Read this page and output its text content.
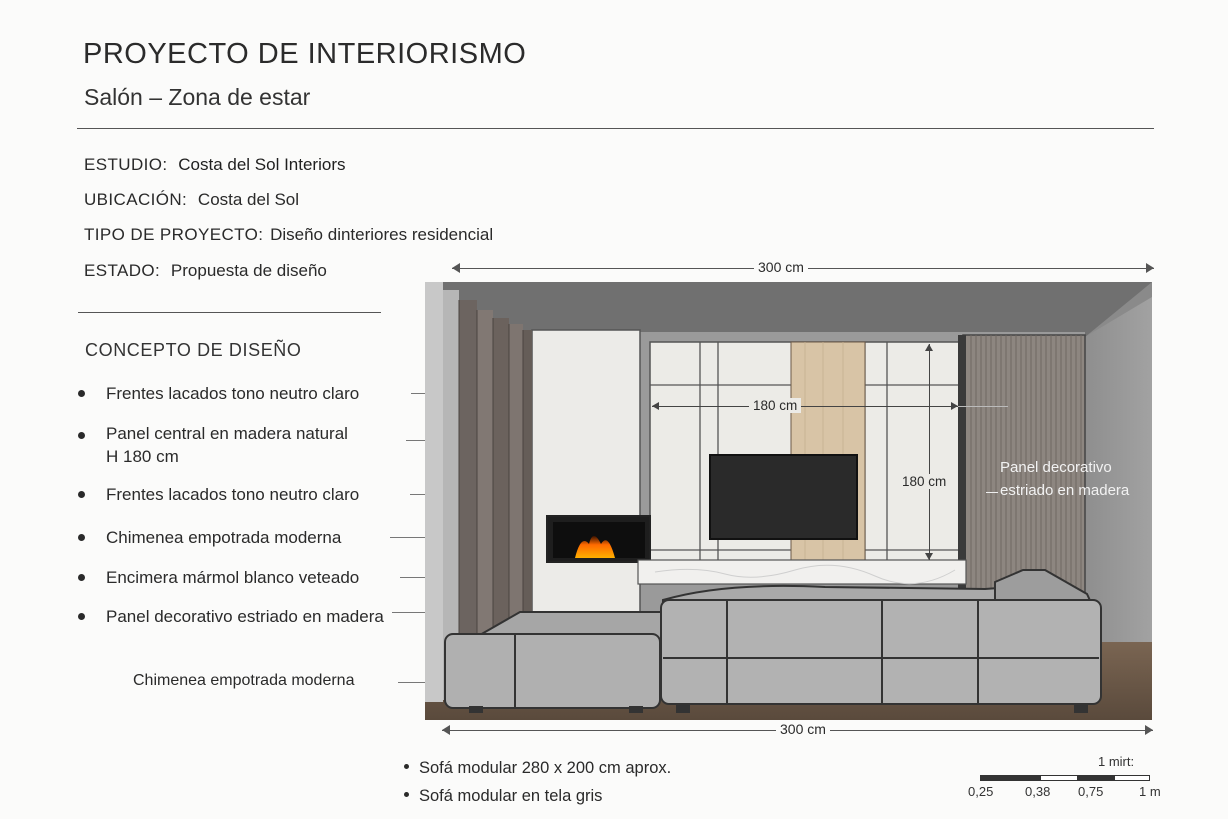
PROYECTO DE INTERIORISMO
Salón – Zona de estar
ESTUDIO: Costa del Sol Interiors
UBICACIÓN: Costa del Sol
TIPO DE PROYECTO: Diseño dinteriores residencial
ESTADO: Propuesta de diseño
CONCEPTO DE DISEÑO
Frentes lacados tono neutro claro
Panel central en madera natural
H 180 cm
Frentes lacados tono neutro claro
Chimenea empotrada moderna
Encimera mármol blanco veteado
Panel decorativo estriado en madera
Chimenea empotrada moderna
300 cm
180 cm
180 cm
Panel decorativo
estriado en madera
300 cm
Sofá modular 280 x 200 cm aprox.
Sofá modular en tela gris
1 mirt:
0,25 0,38 0,75	1 m
